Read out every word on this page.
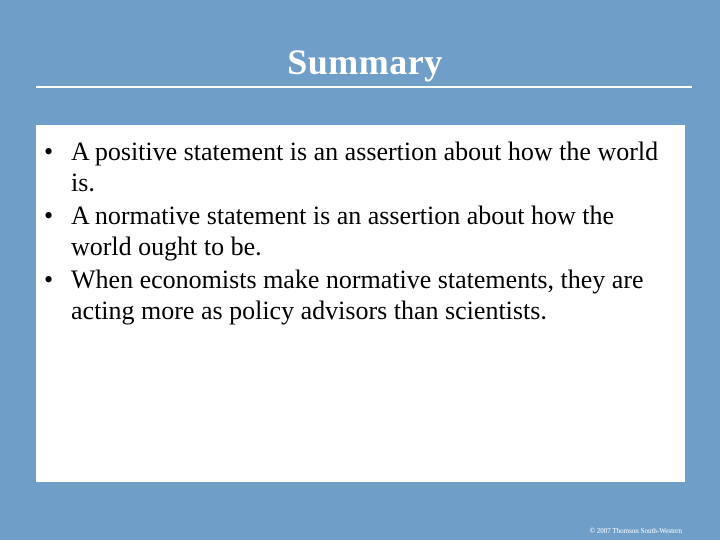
Summary
• A positive statement is an assertion about how the world is.
• A normative statement is an assertion about how the world ought to be.
• When economists make normative statements, they are acting more as policy advisors than scientists.
© 2007 Thomson South-Western
